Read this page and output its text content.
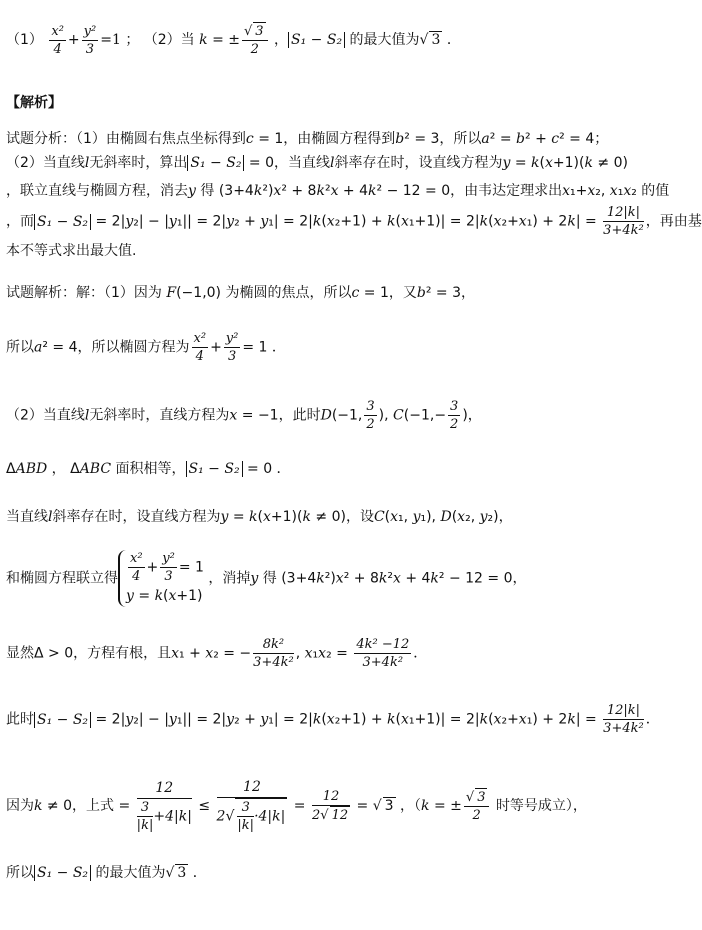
$(1) \frac{\text{x²}}{4} + \frac{\text{y²}}{3} =1$ ； （2）当 k = ± $\frac{√ 3}{2}$ ， S₁ − S₂ 的最大值为√ 3 ．
【解析】
试题分析：（1）由椭圆右焦点坐标得到c = 1，由椭圆方程得到b² = 3，所以a² = b² + c² = 4；
（2）当直线l无斜率时，算出 S₁ − S₂ = 0，当直线l斜率存在时，设直线方程为y = k(x+1)(k ≠ 0)
，联立直线与椭圆方程，消去y 得 (3+4k²)x² + 8k²x + 4k² − 12 = 0，由韦达定理求出x₁+x₂, x₁x₂ 的值
，而 $S_1 - S_2 = 2|y_2| - |y_1|| = 2|y_2 + y_1| = 2|k(x_2+1) + k(x_1+1)| = 2|k(x_2+x_1) + 2k| = \frac{12|k|}{\text{3+4k²}}$ ，再由基
本不等式求出最大值.
试题解析：解：（1）因为 F(−1,0) 为椭圆的焦点，所以c = 1，又b² = 3，
所以a² = 4，所以椭圆方程为 $\frac{\text{x²}}{4} + \frac{\text{y²}}{3} = 1$ ．
（2）当直线l无斜率时，直线方程为x = −1，此时D(−1, $\frac{3}{2}$ ), $C(-1,- \frac{3}{2}$ )，
ΔABD ， ΔABC 面积相等， S₁ − S₂ = 0 ．
当直线l斜率存在时，设直线方程为y = k(x+1)(k ≠ 0)，设C(x₁, y₁), D(x₂, y₂)，
和椭圆方程联立得 $\frac{\text{x²}}{4} + \frac{\text{y²}}{3} = 1$
y = k(x+1)
，消掉y 得 (3+4k²)x² + 8k²x + 4k² − 12 = 0，
显然Δ > 0，方程有根，且x₁ + x₂ = − $\frac{\text{8k²}}{\text{3+4k²}}$ , $x_1x_2 = \frac{\text{4k² −12}}{\text{3+4k²}}$ ．
此时 $S_1 - S_2 = 2|y_2| - |y_1|| = 2|y_2 + y_1| = 2|k(x_2+1) + k(x_1+1)| = 2|k(x_2+x_1) + 2k| = \frac{12|k|}{\text{3+4k²}}$ ．
因为k ≠ 0，上式 = $\frac{12}{\frac{3}{|k|} +4|k|} \le \frac{12}{2√ \frac{3}{|k|} \cdot 4|k|} = \frac{12}{2√ 12}$ = √ 3 ，（k = ± $\frac{√ 3}{2}$ 时等号成立），
所以 S₁ − S₂ 的最大值为√ 3 ．
